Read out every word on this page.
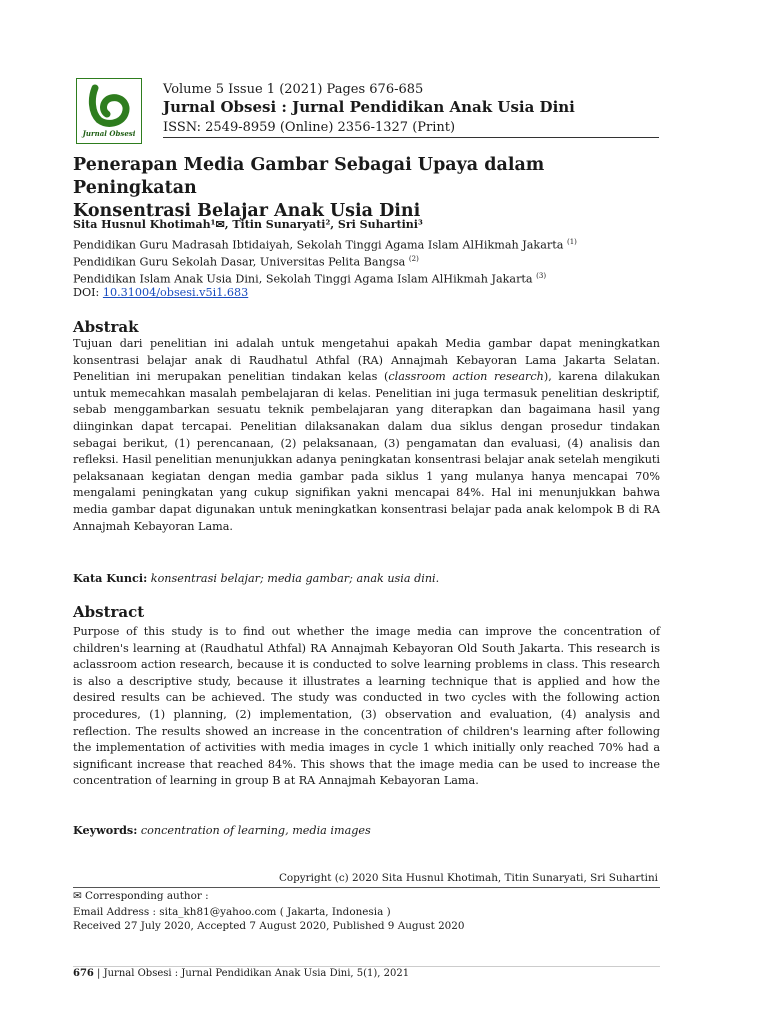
Jurnal Obsesi
Volume 5 Issue 1 (2021) Pages 676-685
Jurnal Obsesi : Jurnal Pendidikan Anak Usia Dini
ISSN: 2549-8959 (Online) 2356-1327 (Print)
Penerapan Media Gambar Sebagai Upaya dalam Peningkatan
Konsentrasi Belajar Anak Usia Dini
Sita Husnul Khotimah¹✉, Titin Sunaryati², Sri Suhartini³
Pendidikan Guru Madrasah Ibtidaiyah, Sekolah Tinggi Agama Islam AlHikmah Jakarta $^{(1)}$
Pendidikan Guru Sekolah Dasar, Universitas Pelita Bangsa $^{(2)}$
Pendidikan Islam Anak Usia Dini, Sekolah Tinggi Agama Islam AlHikmah Jakarta $^{(3)}$
DOI: 10.31004/obsesi.v5i1.683
Abstrak
Tujuan dari penelitian ini adalah untuk mengetahui apakah Media gambar dapat meningkatkan konsentrasi belajar anak di Raudhatul Athfal (RA) Annajmah Kebayoran Lama Jakarta Selatan. Penelitian ini merupakan penelitian tindakan kelas (classroom action research), karena dilakukan untuk memecahkan masalah pembelajaran di kelas. Penelitian ini juga termasuk penelitian deskriptif, sebab menggambarkan sesuatu teknik pembelajaran yang diterapkan dan bagaimana hasil yang diinginkan dapat tercapai. Penelitian dilaksanakan dalam dua siklus dengan prosedur tindakan sebagai berikut, (1) perencanaan, (2) pelaksanaan, (3) pengamatan dan evaluasi, (4) analisis dan refleksi. Hasil penelitian menunjukkan adanya peningkatan konsentrasi belajar anak setelah mengikuti pelaksanaan kegiatan dengan media gambar pada siklus 1 yang mulanya hanya mencapai 70% mengalami peningkatan yang cukup signifikan yakni mencapai 84%. Hal ini menunjukkan bahwa media gambar dapat digunakan untuk meningkatkan konsentrasi belajar pada anak kelompok B di RA Annajmah Kebayoran Lama.
Kata Kunci: konsentrasi belajar; media gambar; anak usia dini.
Abstract
Purpose of this study is to find out whether the image media can improve the concentration of children's learning at (Raudhatul Athfal) RA Annajmah Kebayoran Old South Jakarta. This research is aclassroom action research, because it is conducted to solve learning problems in class. This research is also a descriptive study, because it illustrates a learning technique that is applied and how the desired results can be achieved. The study was conducted in two cycles with the following action procedures, (1) planning, (2) implementation, (3) observation and evaluation, (4) analysis and reflection. The results showed an increase in the concentration of children's learning after following the implementation of activities with media images in cycle 1 which initially only reached 70% had a significant increase that reached 84%. This shows that the image media can be used to increase the concentration of learning in group B at RA Annajmah Kebayoran Lama.
Keywords: concentration of learning, media images
Copyright (c) 2020 Sita Husnul Khotimah, Titin Sunaryati, Sri Suhartini
✉ Corresponding author :
Email Address : sita_kh81@yahoo.com ( Jakarta, Indonesia )
Received 27 July 2020, Accepted 7 August 2020, Published 9 August 2020
676 | Jurnal Obsesi : Jurnal Pendidikan Anak Usia Dini, 5(1), 2021
